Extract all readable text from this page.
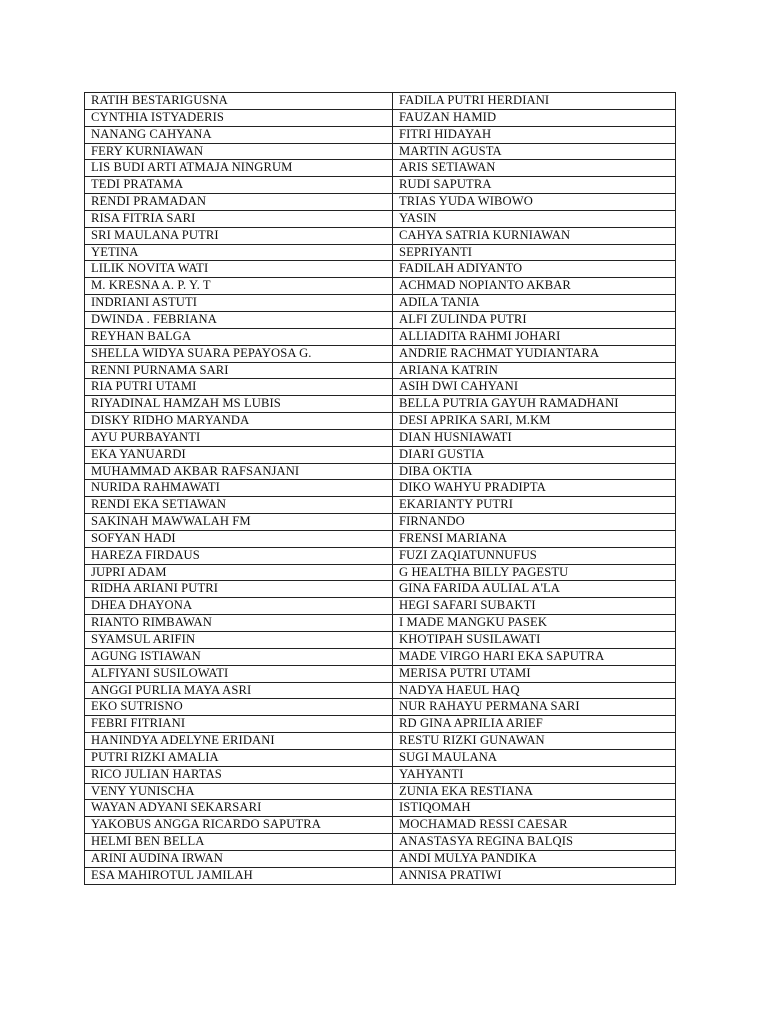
RATIH BESTARIGUSNA	FADILA PUTRI HERDIANI
CYNTHIA ISTYADERIS	FAUZAN HAMID
NANANG CAHYANA	FITRI HIDAYAH
FERY KURNIAWAN	MARTIN AGUSTA
LIS BUDI ARTI ATMAJA NINGRUM	ARIS SETIAWAN
TEDI PRATAMA	RUDI SAPUTRA
RENDI PRAMADAN	TRIAS YUDA WIBOWO
RISA FITRIA SARI	YASIN
SRI MAULANA PUTRI	CAHYA SATRIA KURNIAWAN
YETINA	SEPRIYANTI
LILIK NOVITA WATI	FADILAH ADIYANTO
M. KRESNA A. P. Y. T	ACHMAD NOPIANTO AKBAR
INDRIANI ASTUTI	ADILA TANIA
DWINDA . FEBRIANA	ALFI ZULINDA PUTRI
REYHAN BALGA	ALLIADITA RAHMI JOHARI
SHELLA WIDYA SUARA PEPAYOSA G.	ANDRIE RACHMAT YUDIANTARA
RENNI PURNAMA SARI	ARIANA KATRIN
RIA PUTRI UTAMI	ASIH DWI CAHYANI
RIYADINAL HAMZAH MS LUBIS	BELLA PUTRIA GAYUH RAMADHANI
DISKY RIDHO MARYANDA	DESI APRIKA SARI, M.KM
AYU PURBAYANTI	DIAN HUSNIAWATI
EKA YANUARDI	DIARI GUSTIA
MUHAMMAD AKBAR RAFSANJANI	DIBA OKTIA
NURIDA RAHMAWATI	DIKO WAHYU PRADIPTA
RENDI EKA SETIAWAN	EKARIANTY PUTRI
SAKINAH MAWWALAH FM	FIRNANDO
SOFYAN HADI	FRENSI MARIANA
HAREZA FIRDAUS	FUZI ZAQIATUNNUFUS
JUPRI ADAM	G HEALTHA BILLY PAGESTU
RIDHA ARIANI PUTRI	GINA FARIDA AULIAL A'LA
DHEA DHAYONA	HEGI SAFARI SUBAKTI
RIANTO RIMBAWAN	I MADE MANGKU PASEK
SYAMSUL ARIFIN	KHOTIPAH SUSILAWATI
AGUNG ISTIAWAN	MADE VIRGO HARI EKA SAPUTRA
ALFIYANI SUSILOWATI	MERISA PUTRI UTAMI
ANGGI PURLIA MAYA ASRI	NADYA HAEUL HAQ
EKO SUTRISNO	NUR RAHAYU PERMANA SARI
FEBRI FITRIANI	RD GINA APRILIA ARIEF
HANINDYA ADELYNE ERIDANI	RESTU RIZKI GUNAWAN
PUTRI RIZKI AMALIA	SUGI MAULANA
RICO JULIAN HARTAS	YAHYANTI
VENY YUNISCHA	ZUNIA EKA RESTIANA
WAYAN ADYANI SEKARSARI	ISTIQOMAH
YAKOBUS ANGGA RICARDO SAPUTRA	MOCHAMAD RESSI CAESAR
HELMI BEN BELLA	ANASTASYA REGINA BALQIS
ARINI AUDINA IRWAN	ANDI MULYA PANDIKA
ESA MAHIROTUL JAMILAH	ANNISA PRATIWI
